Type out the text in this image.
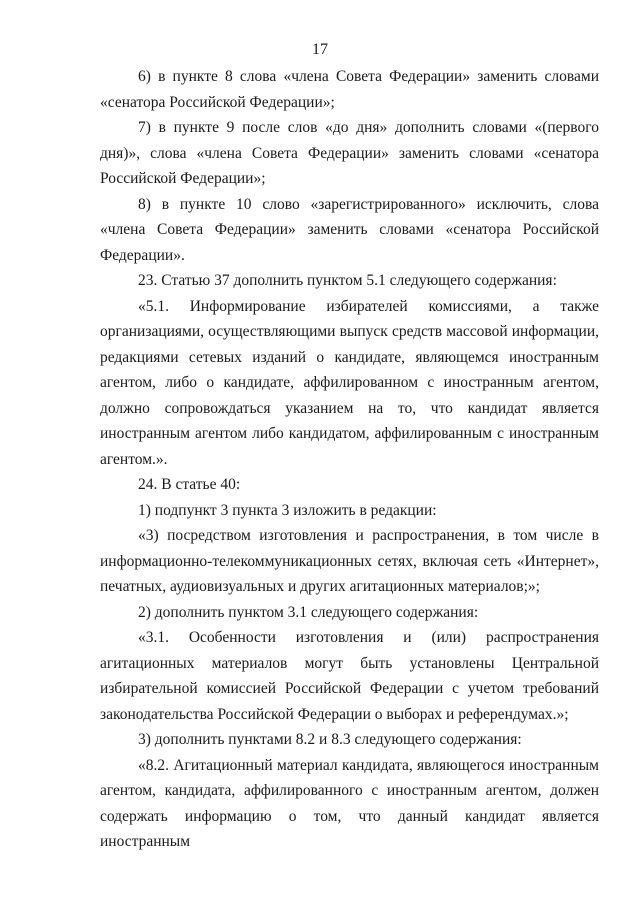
17

6) в пункте 8 слова «члена Совета Федерации» заменить словами «сенатора Российской Федерации»;

7) в пункте 9 после слов «до дня» дополнить словами «(первого дня)», слова «члена Совета Федерации» заменить словами «сенатора Российской Федерации»;

8) в пункте 10 слово «зарегистрированного» исключить, слова «члена Совета Федерации» заменить словами «сенатора Российской Федерации».

23. Статью 37 дополнить пунктом 5.1 следующего содержания:

«5.1. Информирование избирателей комиссиями, а также организациями, осуществляющими выпуск средств массовой информации, редакциями сетевых изданий о кандидате, являющемся иностранным агентом, либо о кандидате, аффилированном с иностранным агентом, должно сопровождаться указанием на то, что кандидат является иностранным агентом либо кандидатом, аффилированным с иностранным агентом.».

24. В статье 40:

1) подпункт 3 пункта 3 изложить в редакции:

«3) посредством изготовления и распространения, в том числе в информационно-телекоммуникационных сетях, включая сеть «Интернет», печатных, аудиовизуальных и других агитационных материалов;»;

2) дополнить пунктом 3.1 следующего содержания:

«3.1. Особенности изготовления и (или) распространения агитационных материалов могут быть установлены Центральной избирательной комиссией Российской Федерации с учетом требований законодательства Российской Федерации о выборах и референдумах.»;

3) дополнить пунктами 8.2 и 8.3 следующего содержания:

«8.2. Агитационный материал кандидата, являющегося иностранным агентом, кандидата, аффилированного с иностранным агентом, должен содержать информацию о том, что данный кандидат является иностранным
